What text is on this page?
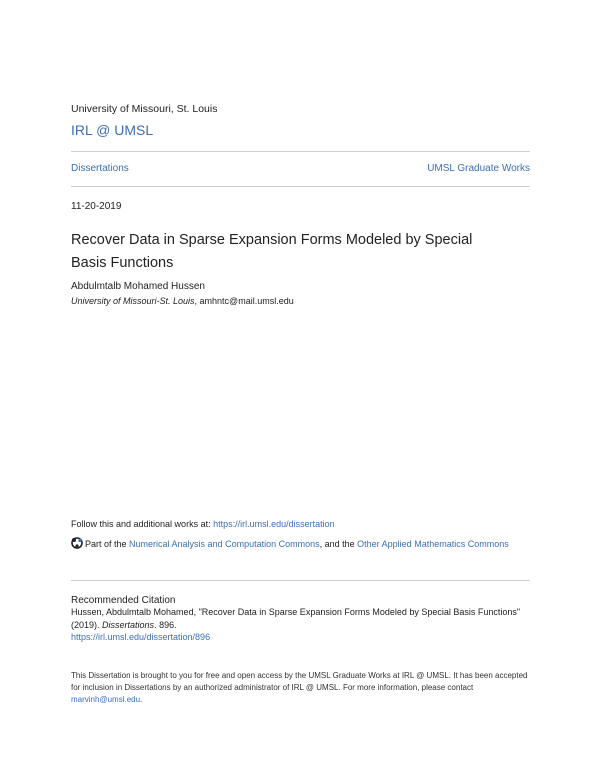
University of Missouri, St. Louis
IRL @ UMSL
Dissertations	UMSL Graduate Works
11-20-2019
Recover Data in Sparse Expansion Forms Modeled by Special Basis Functions
Abdulmtalb Mohamed Hussen
University of Missouri-St. Louis, amhntc@mail.umsl.edu
Follow this and additional works at: https://irl.umsl.edu/dissertation
Part of the Numerical Analysis and Computation Commons, and the Other Applied Mathematics Commons
Recommended Citation
Hussen, Abdulmtalb Mohamed, "Recover Data in Sparse Expansion Forms Modeled by Special Basis Functions" (2019). Dissertations. 896.
https://irl.umsl.edu/dissertation/896
This Dissertation is brought to you for free and open access by the UMSL Graduate Works at IRL @ UMSL. It has been accepted for inclusion in Dissertations by an authorized administrator of IRL @ UMSL. For more information, please contact marvinh@umsl.edu.
